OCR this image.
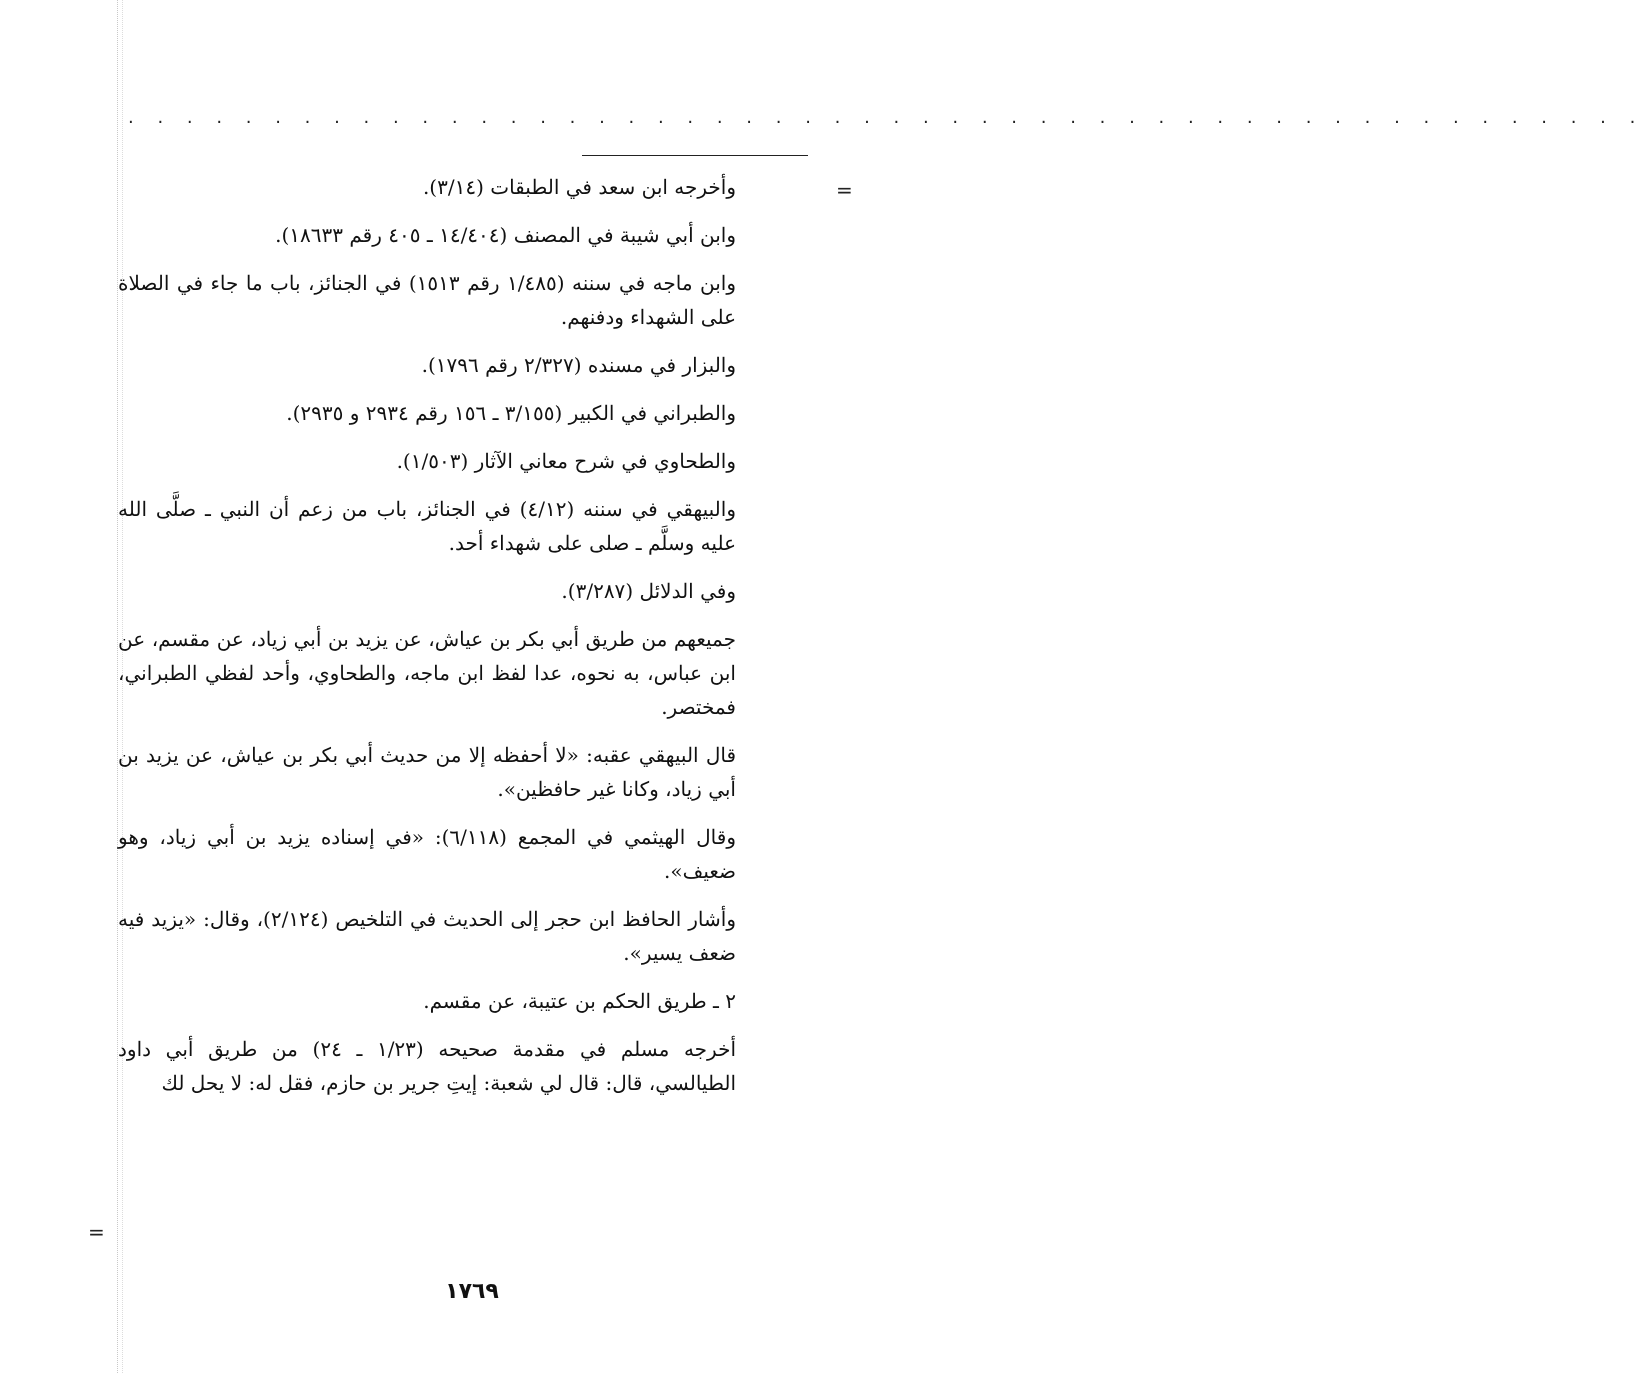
. . . . . . . . . . . . . . . . . . . . . . . . . . . . . . . . . . . . . . . . . . . . . . . . . . . .
=
=

وأخرجه ابن سعد في الطبقات (٣/١٤).

وابن أبي شيبة في المصنف (١٤/٤٠٤ ـ ٤٠٥ رقم ١٨٦٣٣).

وابن ماجه في سننه (١/٤٨٥ رقم ١٥١٣) في الجنائز، باب ما جاء في الصلاة على الشهداء ودفنهم.

والبزار في مسنده (٢/٣٢٧ رقم ١٧٩٦).

والطبراني في الكبير (٣/١٥٥ ـ ١٥٦ رقم ٢٩٣٤ و ٢٩٣٥).

والطحاوي في شرح معاني الآثار (١/٥٠٣).

والبيهقي في سننه (٤/١٢) في الجنائز، باب من زعم أن النبي ـ صلَّى الله عليه وسلَّم ـ صلى على شهداء أحد.

وفي الدلائل (٣/٢٨٧).

جميعهم من طريق أبي بكر بن عياش، عن يزيد بن أبي زياد، عن مقسم، عن ابن عباس، به نحوه، عدا لفظ ابن ماجه، والطحاوي، وأحد لفظي الطبراني، فمختصر.

قال البيهقي عقبه: «لا أحفظه إلا من حديث أبي بكر بن عياش، عن يزيد بن أبي زياد، وكانا غير حافظين».

وقال الهيثمي في المجمع (٦/١١٨): «في إسناده يزيد بن أبي زياد، وهو ضعيف».

وأشار الحافظ ابن حجر إلى الحديث في التلخيص (٢/١٢٤)، وقال: «يزيد فيه ضعف يسير».

٢ ـ طريق الحكم بن عتيبة، عن مقسم.

أخرجه مسلم في مقدمة صحيحه (١/٢٣ ـ ٢٤) من طريق أبي داود الطيالسي، قال: قال لي شعبة: إيتِ جرير بن حازم، فقل له: لا يحل لك

١٧٦٩
